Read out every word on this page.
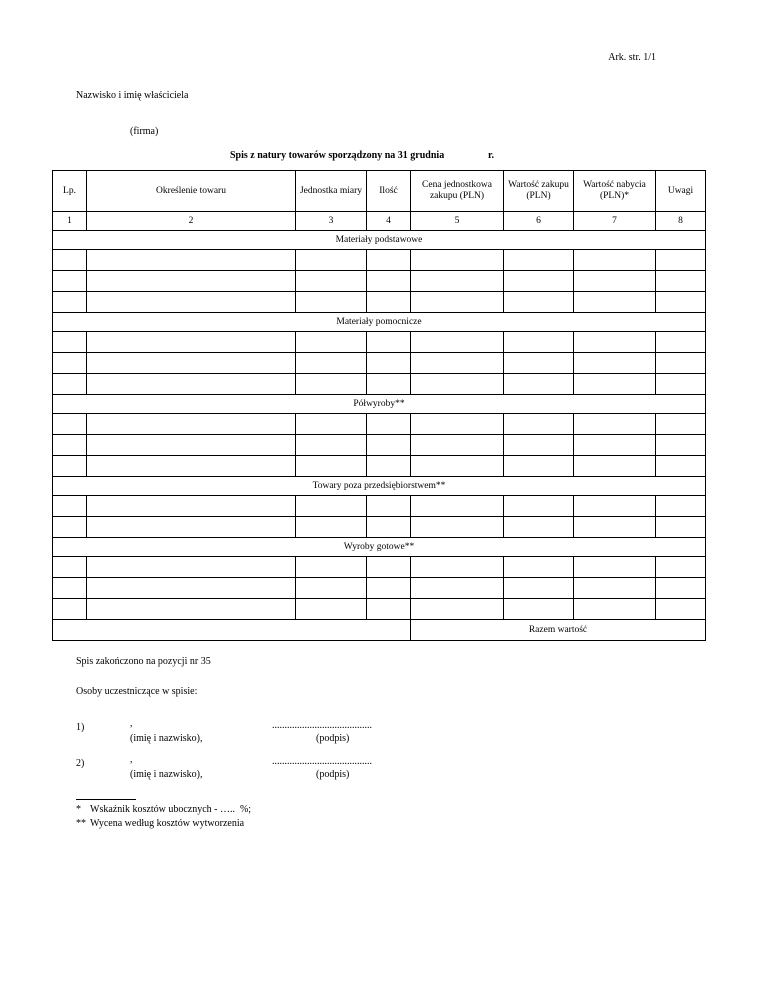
Ark. str. 1/1
Nazwisko i imię właściciela
(firma)
Spis z natury towarów sporządzony na 31 grudnia	r.
Lp.	Określenie towaru	Jednostka miary	Ilość	Cena jednostkowa zakupu (PLN)	Wartość zakupu (PLN)	Wartość nabycia (PLN)*	Uwagi
1	2	3	4	5	6	7	8
Materiały podstawowe							

Materiały pomocnicze							

Półwyroby**							

Towary poza przedsiębiorstwem**							

Wyroby gotowe**							

				Razem wartość			
Spis zakończono na pozycji nr 35
Osoby uczestniczące w spisie:
1)	,	........................................
(imię i nazwisko),	(podpis)
2)	,	........................................
(imię i nazwisko),	(podpis)
* Wskaźnik kosztów ubocznych - …..  %;
** Wycena według kosztów wytworzenia
